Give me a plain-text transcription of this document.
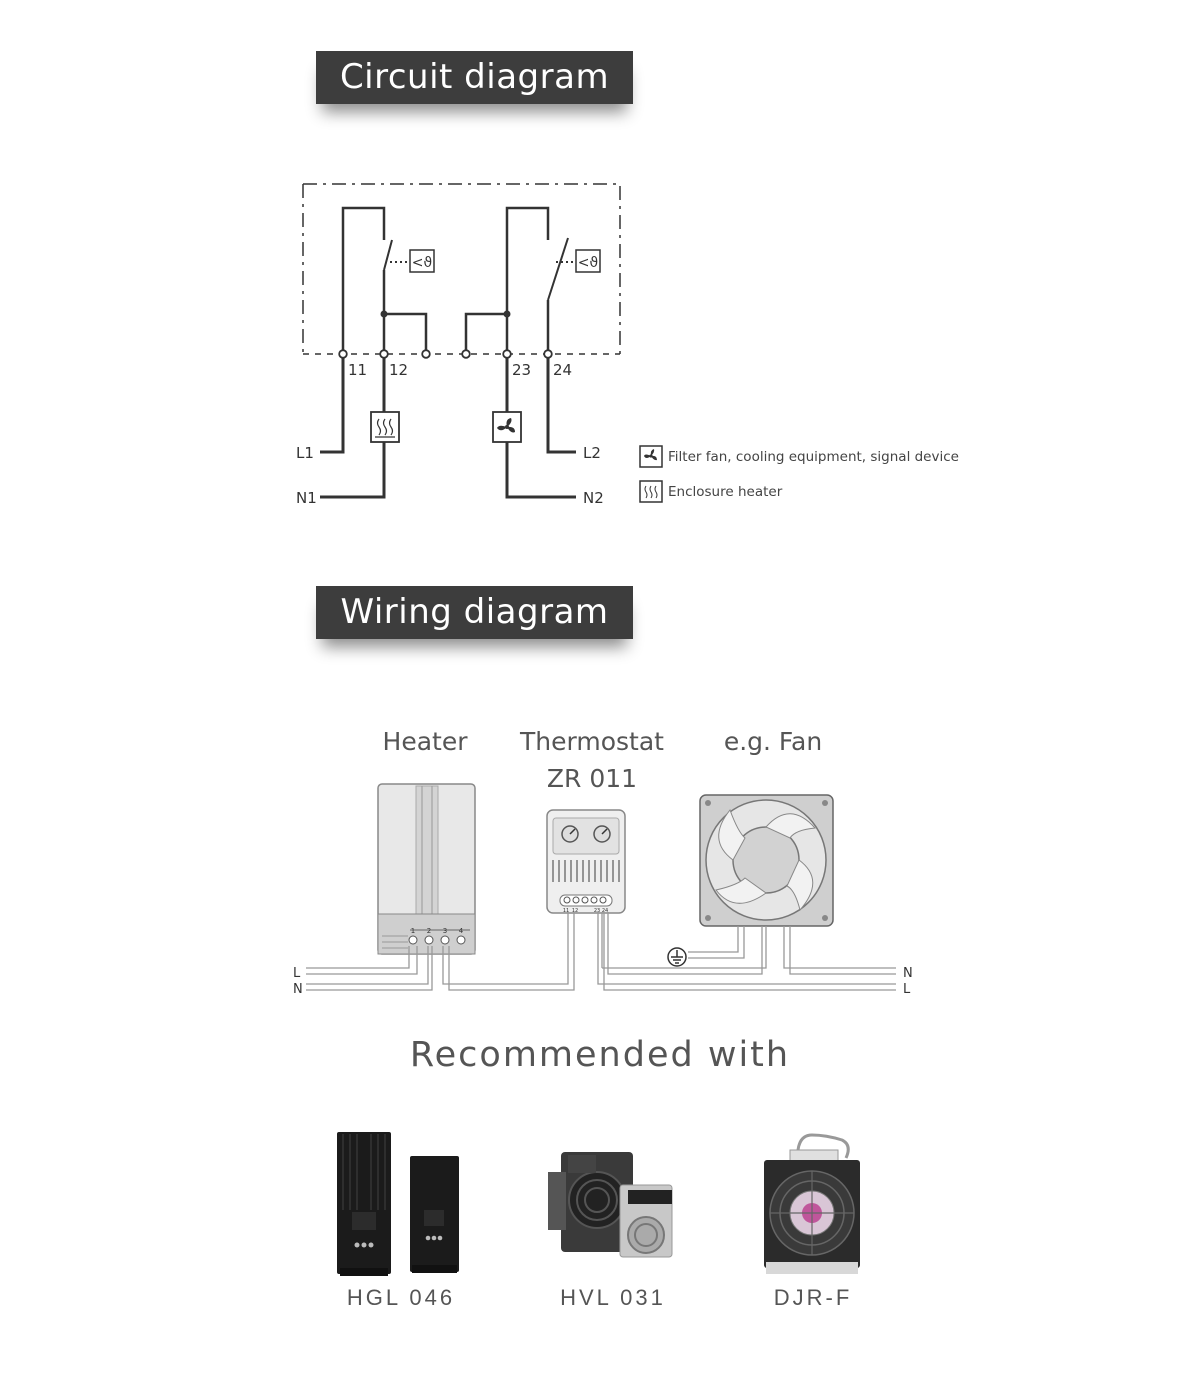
Circuit diagram
<ϑ	<ϑ
11 12	23 24
L1
N1
L2
N2
Filter fan, cooling equipment, signal device
Enclosure heater
Heater Thermostat
ZR 011
e.g. Fan
1 2 3 4
11 12	23 24
L
N
N
L
Wiring diagram
Recommended with
HGL 046	HVL 031	DJR-F
